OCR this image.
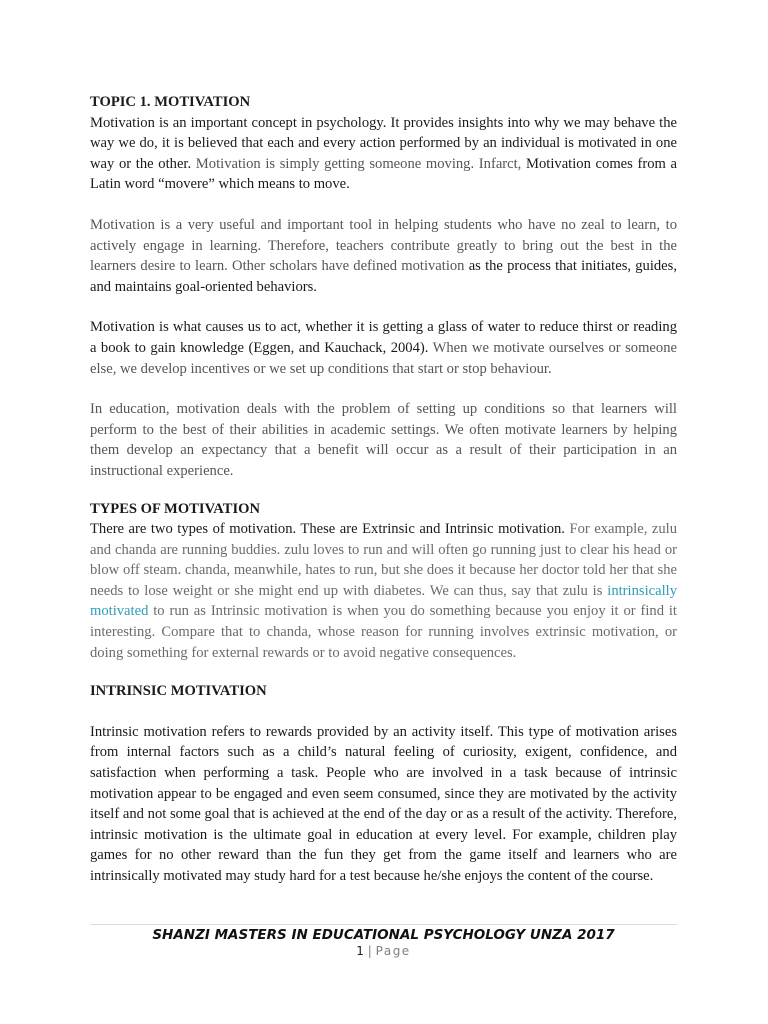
TOPIC 1. MOTIVATION

Motivation is an important concept in psychology. It provides insights into why we may behave the way we do, it is believed that each and every action performed by an individual is motivated in one way or the other. Motivation is simply getting someone moving. Infarct, Motivation comes from a Latin word “movere” which means to move.

Motivation is a very useful and important tool in helping students who have no zeal to learn, to actively engage in learning. Therefore, teachers contribute greatly to bring out the best in the learners desire to learn. Other scholars have defined motivation as the process that initiates, guides, and maintains goal-oriented behaviors.

Motivation is what causes us to act, whether it is getting a glass of water to reduce thirst or reading a book to gain knowledge (Eggen, and Kauchack, 2004). When we motivate ourselves or someone else, we develop incentives or we set up conditions that start or stop behaviour.

In education, motivation deals with the problem of setting up conditions so that learners will perform to the best of their abilities in academic settings. We often motivate learners by helping them develop an expectancy that a benefit will occur as a result of their participation in an instructional experience.

TYPES OF MOTIVATION

There are two types of motivation. These are Extrinsic and Intrinsic motivation. For example, zulu and chanda are running buddies. zulu loves to run and will often go running just to clear his head or blow off steam. chanda, meanwhile, hates to run, but she does it because her doctor told her that she needs to lose weight or she might end up with diabetes. We can thus, say that zulu is intrinsically motivated to run as Intrinsic motivation is when you do something because you enjoy it or find it interesting. Compare that to chanda, whose reason for running involves extrinsic motivation, or doing something for external rewards or to avoid negative consequences.

INTRINSIC MOTIVATION

Intrinsic motivation refers to rewards provided by an activity itself. This type of motivation arises from internal factors such as a child’s natural feeling of curiosity, exigent, confidence, and satisfaction when performing a task. People who are involved in a task because of intrinsic motivation appear to be engaged and even seem consumed, since they are motivated by the activity itself and not some goal that is achieved at the end of the day or as a result of the activity. Therefore, intrinsic motivation is the ultimate goal in education at every level. For example, children play games for no other reward than the fun they get from the game itself and learners who are intrinsically motivated may study hard for a test because he/she enjoys the content of the course.

SHANZI MASTERS IN EDUCATIONAL PSYCHOLOGY UNZA 2017
1 | Page
